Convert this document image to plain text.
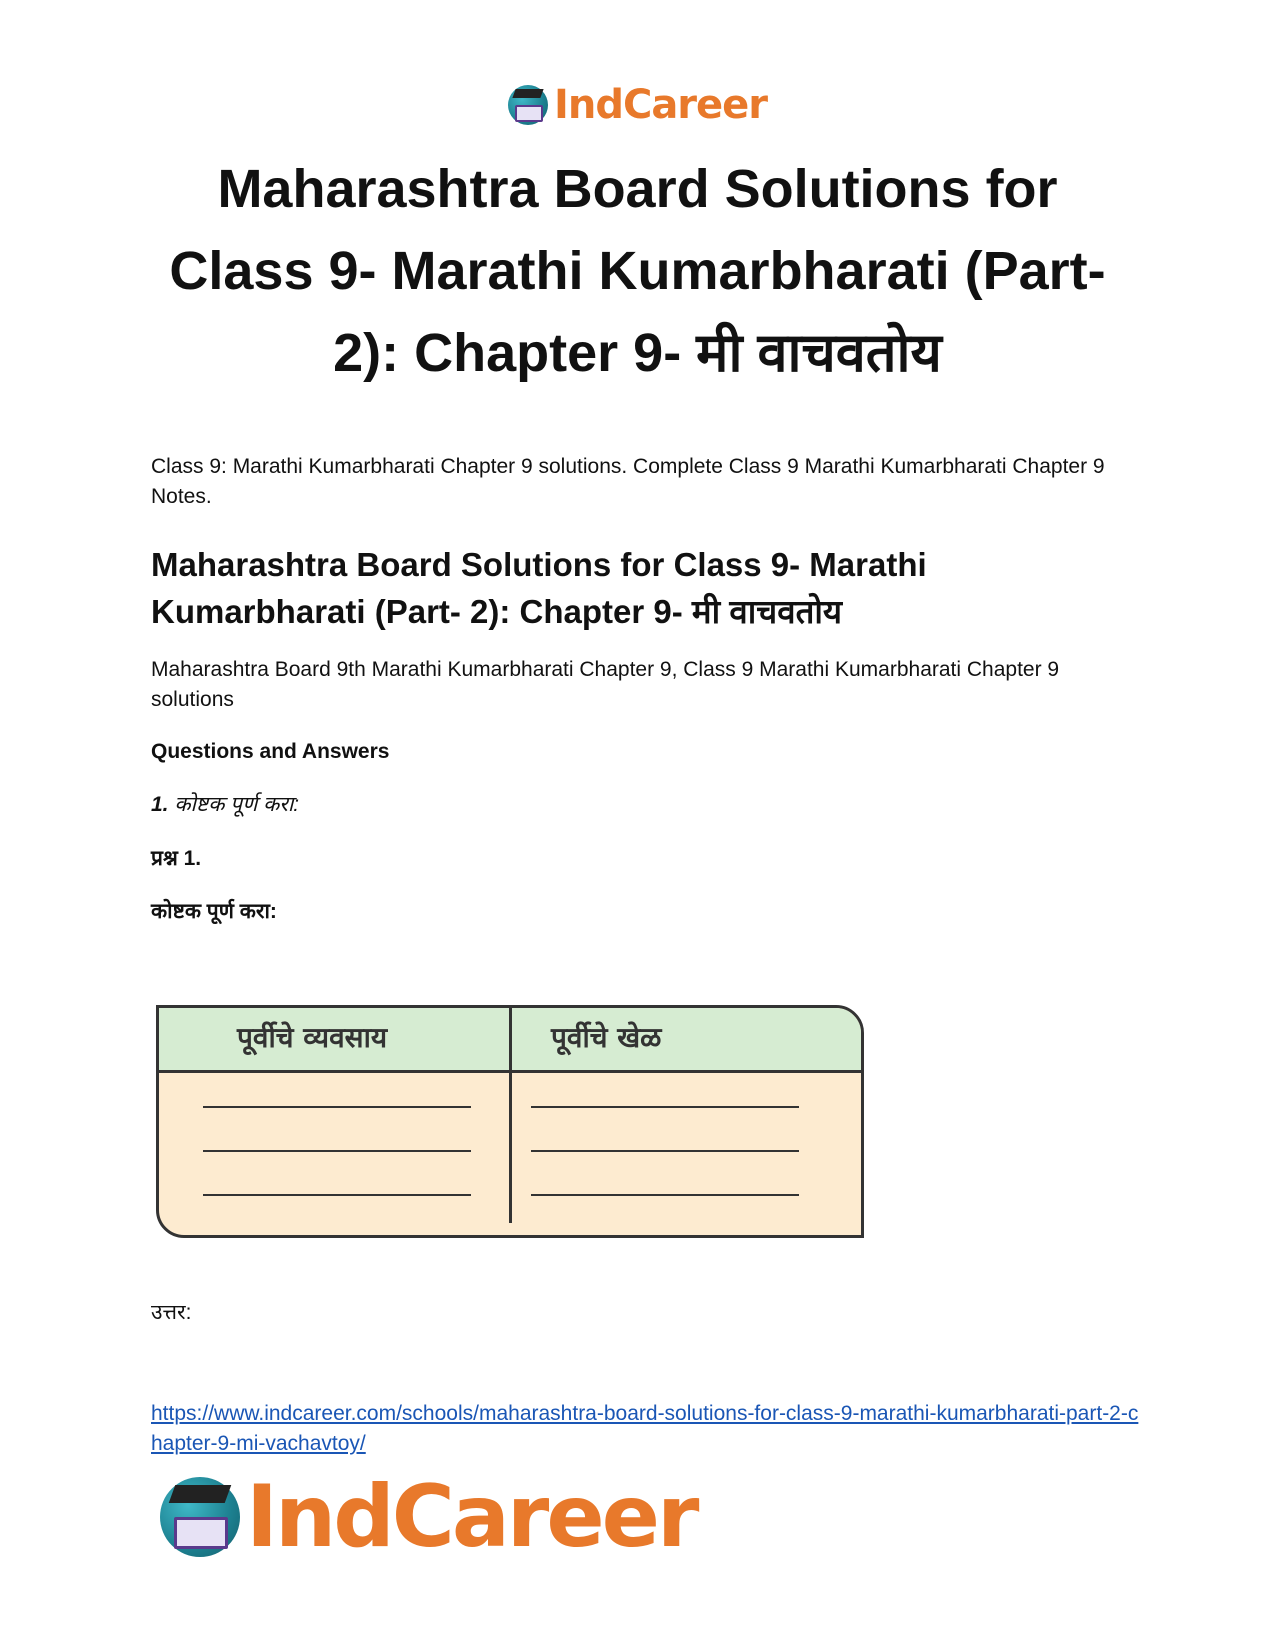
IndCareer
Maharashtra Board Solutions for Class 9- Marathi Kumarbharati (Part- 2): Chapter 9- मी वाचवतोय

Class 9: Marathi Kumarbharati Chapter 9 solutions. Complete Class 9 Marathi Kumarbharati Chapter 9 Notes.

Maharashtra Board Solutions for Class 9- Marathi Kumarbharati (Part- 2): Chapter 9- मी वाचवतोय

Maharashtra Board 9th Marathi Kumarbharati Chapter 9, Class 9 Marathi Kumarbharati Chapter 9 solutions

Questions and Answers

1. कोष्टक पूर्ण करा:

प्रश्न 1.

कोष्टक पूर्ण करा:

पूर्वीचे व्यवसाय	पूर्वीचे खेळ

उत्तर:

https://www.indcareer.com/schools/maharashtra-board-solutions-for-class-9-marathi-kumarbharati-part-2-chapter-9-mi-vachavtoy/
IndCareer
